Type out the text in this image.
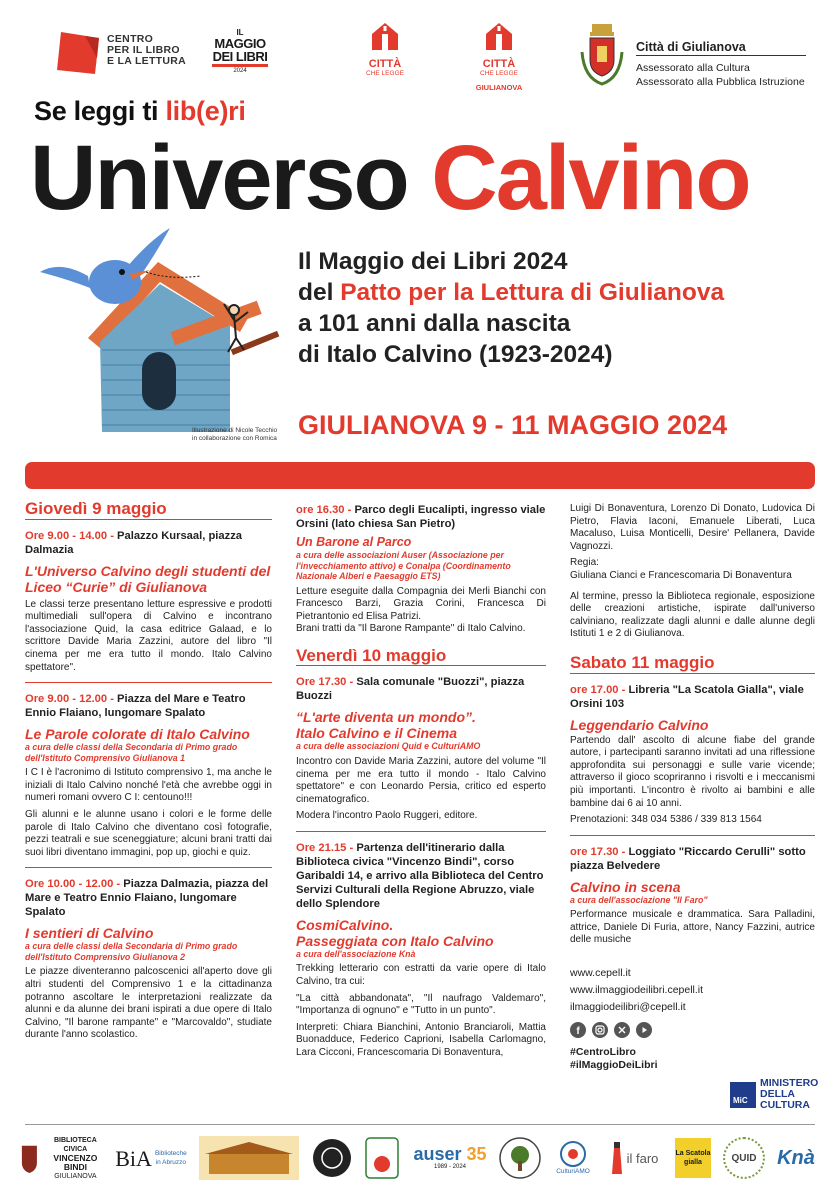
CENTRO
PER IL LIBRO
E LA LETTURA
IL
MAGGIO DEI LIBRI
2024
CITTÀ
CHE LEGGE
CITTÀ
CHE LEGGE
GIULIANOVA
Città di Giulianova
Assessorato alla Cultura
Assessorato alla Pubblica Istruzione
Se leggi ti lib(e)ri
Universo Calvino
Il Maggio dei Libri 2024
del Patto per la Lettura di Giulianova
a 101 anni dalla nascita
di Italo Calvino (1923-2024)
Illustrazione di Nicole Tecchio
in collaborazione con Romica GIULIANOVA 9 - 11 MAGGIO 2024
Giovedì 9 maggio
Ore 9.00 - 14.00 - Palazzo Kursaal, piazza Dalmazia
L'Universo Calvino degli studenti del Liceo “Curie” di Giulianova

Le classi terze presentano letture espressive e prodotti multimediali sull'opera di Calvino e incontrano l'associazione Quid, la casa editrice Galaad, e lo scrittore Davide Maria Zazzini, autore del libro "Il cinema per me era tutto il mondo. Italo Calvino spettatore".

Ore 9.00 - 12.00 - Piazza del Mare e Teatro Ennio Flaiano, lungomare Spalato
Le Parole colorate di Italo Calvino
a cura delle classi della Secondaria di Primo grado dell'Istituto Comprensivo Giulianova 1

I C I è l'acronimo di Istituto comprensivo 1, ma anche le iniziali di Italo Calvino nonché l'età che avrebbe oggi in numeri romani ovvero C I: centouno!!!

Gli alunni e le alunne usano i colori e le forme delle parole di Italo Calvino che diventano così fotografie, pezzi teatrali e sue sceneggiature; alcuni brani tratti dai suoi libri diventano immagini, pop up, giochi e quiz.

Ore 10.00 - 12.00 - Piazza Dalmazia, piazza del Mare e Teatro Ennio Flaiano, lungomare Spalato
I sentieri di Calvino
a cura delle classi della Secondaria di Primo grado dell'Istituto Comprensivo Giulianova 2

Le piazze diventeranno palcoscenici all'aperto dove gli altri studenti del Comprensivo 1 e la cittadinanza potranno ascoltare le interpretazioni realizzate da alunni e da alunne dei brani ispirati a due opere di Italo Calvino, "Il barone rampante" e "Marcovaldo", studiate durante l'anno scolastico.

ore 16.30 - Parco degli Eucalipti, ingresso viale Orsini (lato chiesa San Pietro)
Un Barone al Parco
a cura delle associazioni Auser (Associazione per l'invecchiamento attivo) e Conalpa (Coordinamento Nazionale Alberi e Paesaggio ETS)

Letture eseguite dalla Compagnia dei Merli Bianchi con Francesco Barzi, Grazia Corini, Francesca Di Pietrantonio ed Elisa Patrizi.

Brani tratti da "Il Barone Rampante" di Italo Calvino.

Venerdì 10 maggio
Ore 17.30 - Sala comunale "Buozzi", piazza Buozzi
“L'arte diventa un mondo”.
Italo Calvino e il Cinema
a cura delle associazioni Quid e CulturiAMO

Incontro con Davide Maria Zazzini, autore del volume "Il cinema per me era tutto il mondo - Italo Calvino spettatore" e con Leonardo Persia, critico ed esperto cinematografico.

Modera l'incontro Paolo Ruggeri, editore.

Ore 21.15 - Partenza dell'itinerario dalla Biblioteca civica "Vincenzo Bindi", corso Garibaldi 14, e arrivo alla Biblioteca del Centro Servizi Culturali della Regione Abruzzo, viale dello Splendore
CosmiCalvino.
Passeggiata con Italo Calvino
a cura dell'associazione Knà

Trekking letterario con estratti da varie opere di Italo Calvino, tra cui:

"La città abbandonata", "Il naufrago Valdemaro", "Importanza di ognuno" e "Tutto in un punto".

Interpreti: Chiara Bianchini, Antonio Branciaroli, Mattia Buonadduce, Federico Caprioni, Isabella Carlomagno, Lara Cicconi, Francescomaria Di Bonaventura,

Luigi Di Bonaventura, Lorenzo Di Donato, Ludovica Di Pietro, Flavia Iaconi, Emanuele Liberati, Luca Macaluso, Luisa Monticelli, Desire' Pellanera, Davide Vagnozzi.

Regia:

Giuliana Cianci e Francescomaria Di Bonaventura

Al termine, presso la Biblioteca regionale, esposizione delle creazioni artistiche, ispirate dall'universo calviniano, realizzate dagli alunni e dalle alunne degli Istituti 1 e 2 di Giulianova.

Sabato 11 maggio
ore 17.00 - Libreria "La Scatola Gialla", viale Orsini 103
Leggendario Calvino

Partendo dall' ascolto di alcune fiabe del grande autore, i partecipanti saranno invitati ad una riflessione approfondita sui personaggi e sulle varie vicende; attraverso il gioco scopriranno i risvolti e i meccanismi più importanti. L'incontro è rivolto ai bambini e alle bambine dai 6 ai 10 anni.

Prenotazioni: 348 034 5386 / 339 813 1564

ore 17.30 - Loggiato "Riccardo Cerulli" sotto piazza Belvedere
Calvino in scena
a cura dell'associazione "Il Faro"

Performance musicale e drammatica. Sara Palladini, attrice, Daniele Di Furia, attore, Nancy Fazzini, autrice delle musiche

www.cepell.it
www.ilmaggiodeilibri.cepell.it
ilmaggiodeilibri@cepell.it
f
#CentroLibro
#ilMaggioDeiLibri
MiC
MINISTERO
DELLA
CULTURA
BIBLIOTECA CIVICA
VINCENZO BINDI
GIULIANOVA
BiA Biblioteche in Abruzzo	auser 35
1989 - 2024
CulturiAMO
il faro La Scatola gialla	QUID	Knà
